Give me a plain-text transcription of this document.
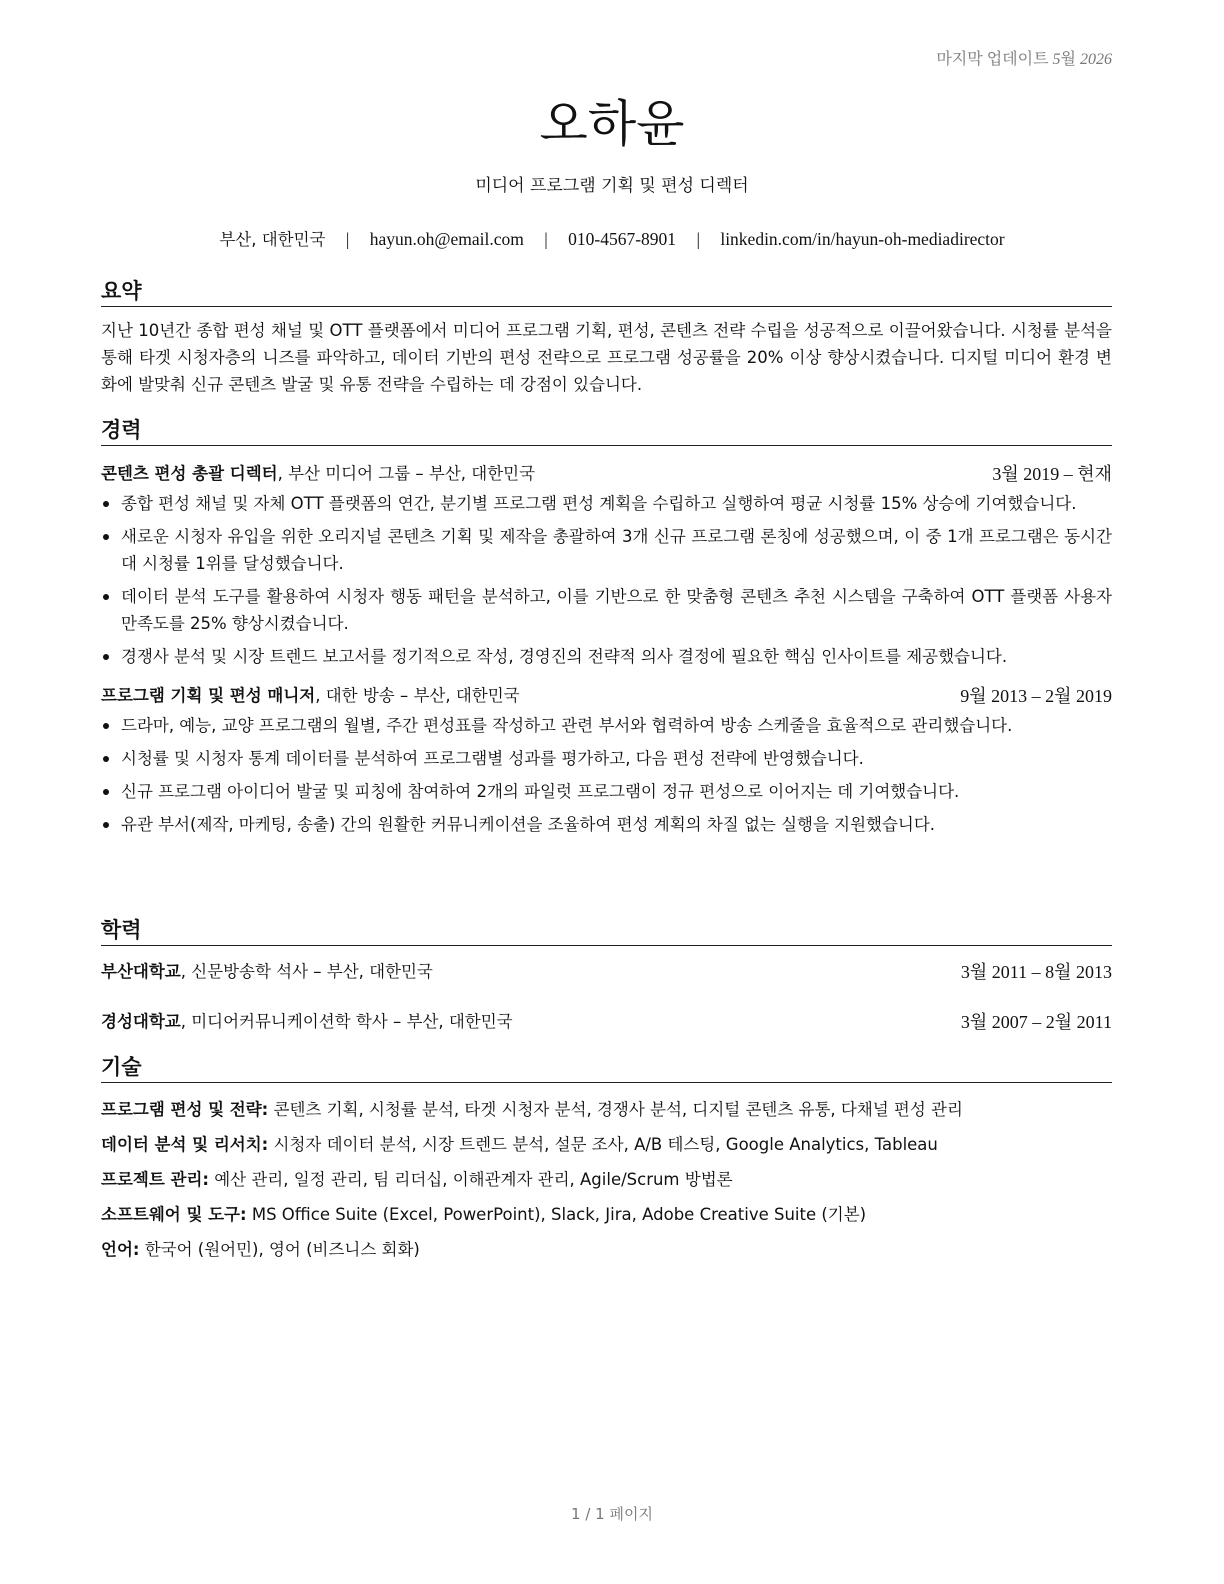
마지막 업데이트 5월 2026
오하윤
미디어 프로그램 기획 및 편성 디렉터
부산, 대한민국 | hayun.oh@email.com | 010-4567-8901 | linkedin.com/in/hayun-oh-mediadirector
요약

지난 10년간 종합 편성 채널 및 OTT 플랫폼에서 미디어 프로그램 기획, 편성, 콘텐츠 전략 수립을 성공적으로 이끌어왔습니다. 시청률 분석을 통해 타겟 시청자층의 니즈를 파악하고, 데이터 기반의 편성 전략으로 프로그램 성공률을 20% 이상 향상시켰습니다. 디지털 미디어 환경 변화에 발맞춰 신규 콘텐츠 발굴 및 유통 전략을 수립하는 데 강점이 있습니다.

경력
콘텐츠 편성 총괄 디렉터, 부산 미디어 그룹 – 부산, 대한민국	3월 2019 – 현재
종합 편성 채널 및 자체 OTT 플랫폼의 연간, 분기별 프로그램 편성 계획을 수립하고 실행하여 평균 시청률 15% 상승에 기여했습니다.
새로운 시청자 유입을 위한 오리지널 콘텐츠 기획 및 제작을 총괄하여 3개 신규 프로그램 론칭에 성공했으며, 이 중 1개 프로그램은 동시간대 시청률 1위를 달성했습니다.
데이터 분석 도구를 활용하여 시청자 행동 패턴을 분석하고, 이를 기반으로 한 맞춤형 콘텐츠 추천 시스템을 구축하여 OTT 플랫폼 사용자 만족도를 25% 향상시켰습니다.
경쟁사 분석 및 시장 트렌드 보고서를 정기적으로 작성, 경영진의 전략적 의사 결정에 필요한 핵심 인사이트를 제공했습니다.
프로그램 기획 및 편성 매니저, 대한 방송 – 부산, 대한민국	9월 2013 – 2월 2019
드라마, 예능, 교양 프로그램의 월별, 주간 편성표를 작성하고 관련 부서와 협력하여 방송 스케줄을 효율적으로 관리했습니다.
시청률 및 시청자 통계 데이터를 분석하여 프로그램별 성과를 평가하고, 다음 편성 전략에 반영했습니다.
신규 프로그램 아이디어 발굴 및 피칭에 참여하여 2개의 파일럿 프로그램이 정규 편성으로 이어지는 데 기여했습니다.
유관 부서(제작, 마케팅, 송출) 간의 원활한 커뮤니케이션을 조율하여 편성 계획의 차질 없는 실행을 지원했습니다.
학력
부산대학교, 신문방송학 석사 – 부산, 대한민국	3월 2011 – 8월 2013
경성대학교, 미디어커뮤니케이션학 학사 – 부산, 대한민국	3월 2007 – 2월 2011
기술
프로그램 편성 및 전략: 콘텐츠 기획, 시청률 분석, 타겟 시청자 분석, 경쟁사 분석, 디지털 콘텐츠 유통, 다채널 편성 관리
데이터 분석 및 리서치: 시청자 데이터 분석, 시장 트렌드 분석, 설문 조사, A/B 테스팅, Google Analytics, Tableau
프로젝트 관리: 예산 관리, 일정 관리, 팀 리더십, 이해관계자 관리, Agile/Scrum 방법론
소프트웨어 및 도구: MS Office Suite (Excel, PowerPoint), Slack, Jira, Adobe Creative Suite (기본)
언어: 한국어 (원어민), 영어 (비즈니스 회화)
1 / 1 페이지
